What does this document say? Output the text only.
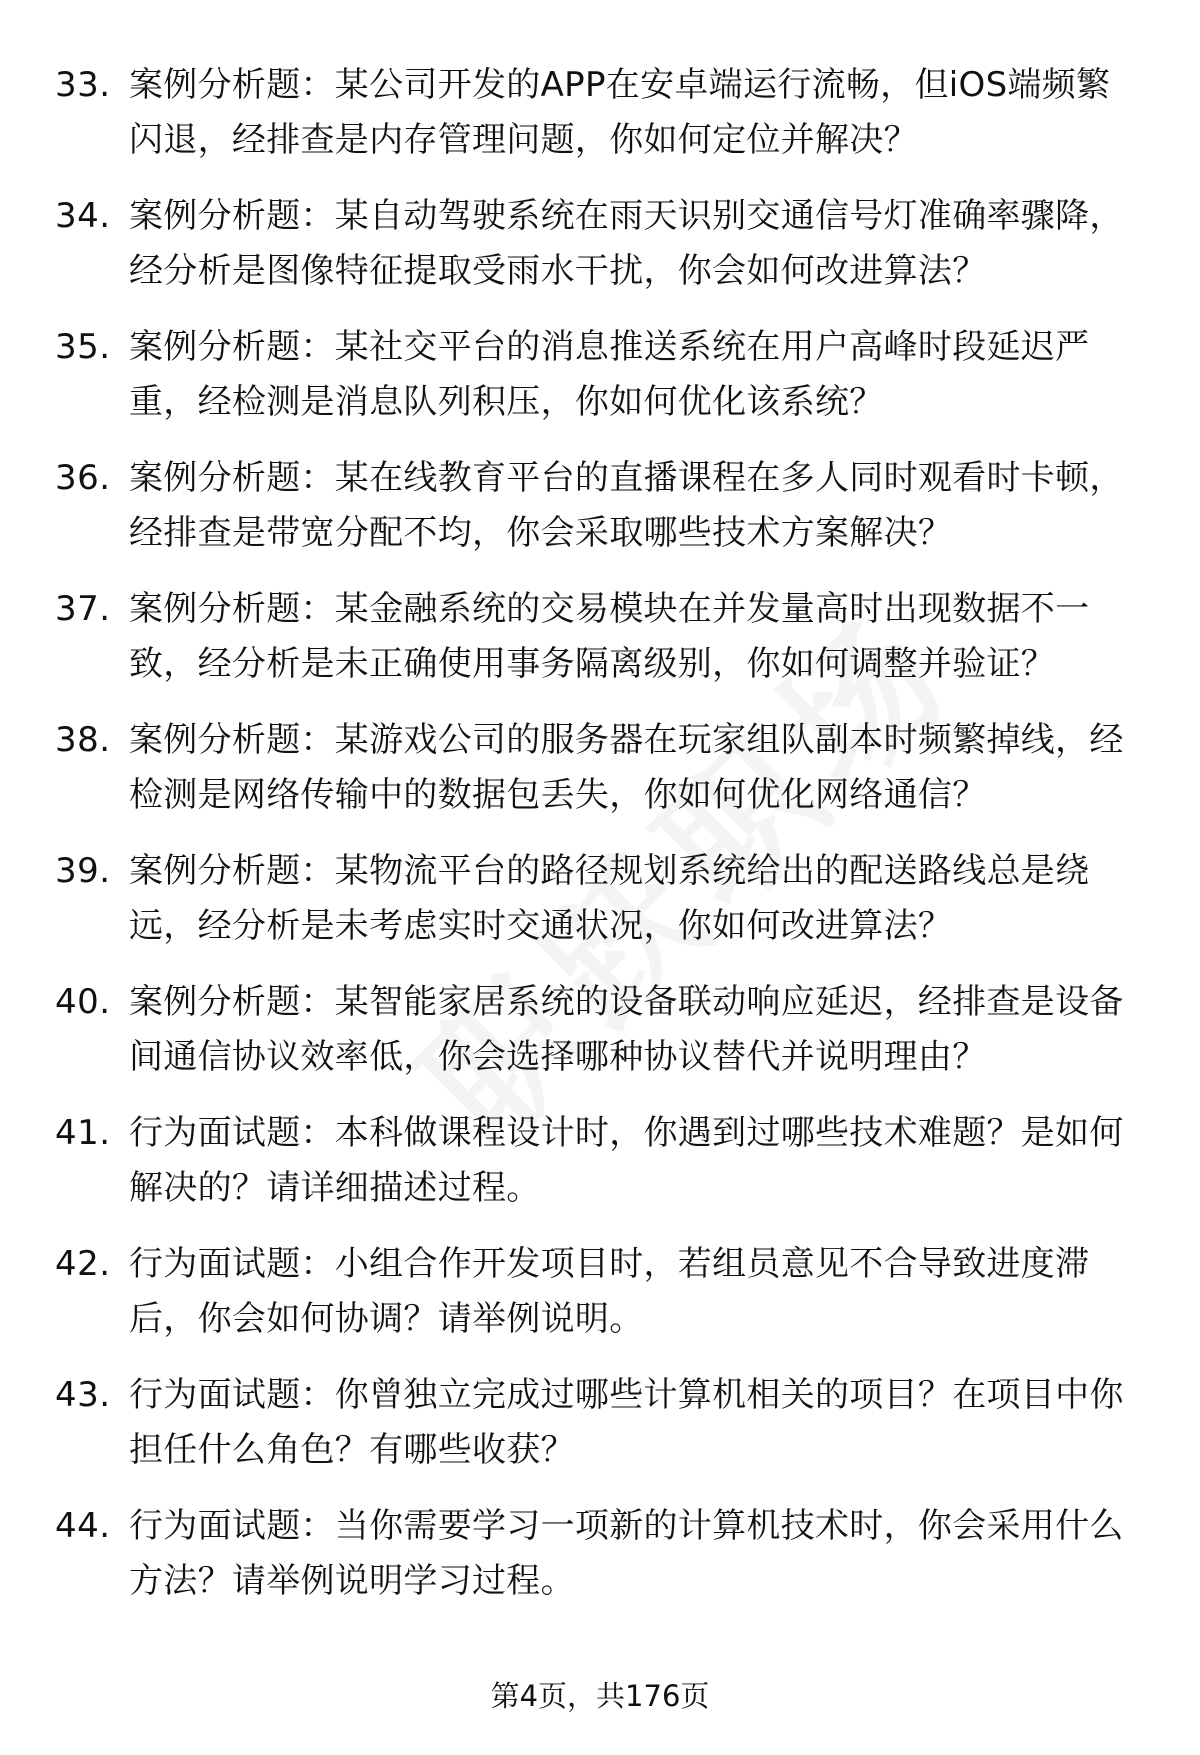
33. 案例分析题：某公司开发的APP在安卓端运行流畅，但iOS端频繁闪退，经排查是内存管理问题，你如何定位并解决？
34. 案例分析题：某自动驾驶系统在雨天识别交通信号灯准确率骤降，经分析是图像特征提取受雨水干扰，你会如何改进算法？
35. 案例分析题：某社交平台的消息推送系统在用户高峰时段延迟严重，经检测是消息队列积压，你如何优化该系统？
36. 案例分析题：某在线教育平台的直播课程在多人同时观看时卡顿，经排查是带宽分配不均，你会采取哪些技术方案解决？
37. 案例分析题：某金融系统的交易模块在并发量高时出现数据不一致，经分析是未正确使用事务隔离级别，你如何调整并验证？
38. 案例分析题：某游戏公司的服务器在玩家组队副本时频繁掉线，经检测是网络传输中的数据包丢失，你如何优化网络通信？
39. 案例分析题：某物流平台的路径规划系统给出的配送路线总是绕远，经分析是未考虑实时交通状况，你如何改进算法？
40. 案例分析题：某智能家居系统的设备联动响应延迟，经排查是设备间通信协议效率低，你会选择哪种协议替代并说明理由？
41. 行为面试题：本科做课程设计时，你遇到过哪些技术难题？是如何解决的？请详细描述过程。
42. 行为面试题：小组合作开发项目时，若组员意见不合导致进度滞后，你会如何协调？请举例说明。
43. 行为面试题：你曾独立完成过哪些计算机相关的项目？在项目中你担任什么角色？有哪些收获？
44. 行为面试题：当你需要学习一项新的计算机技术时，你会采用什么方法？请举例说明学习过程。
第4页，共176页
